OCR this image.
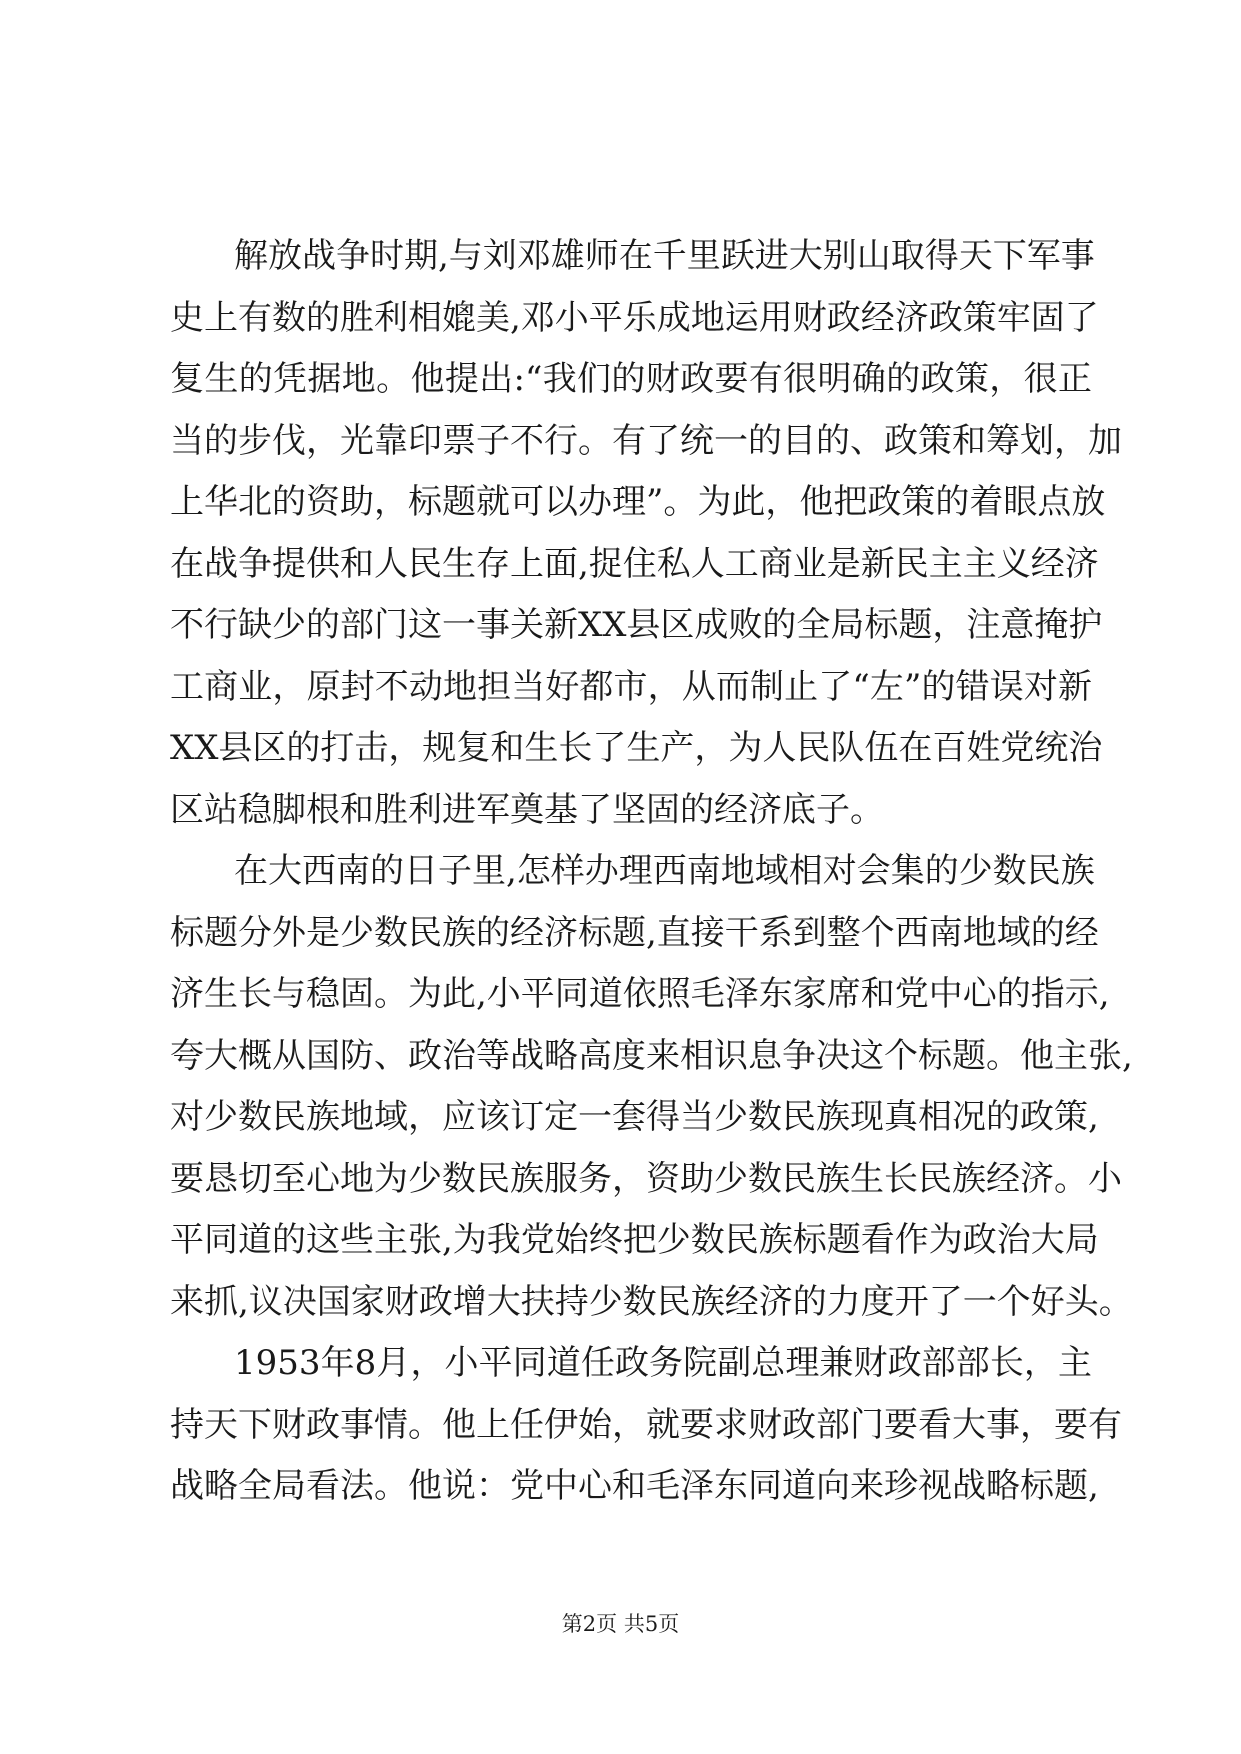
解放战争时期,与刘邓雄师在千里跃进大别山取得天下军事
史上有数的胜利相媲美,邓小平乐成地运用财政经济政策牢固了
复生的凭据地。他提出:“我们的财政要有很明确的政策，很正
当的步伐，光靠印票子不行。有了统一的目的、政策和筹划，加
上华北的资助，标题就可以办理”。为此，他把政策的着眼点放
在战争提供和人民生存上面,捉住私人工商业是新民主主义经济
不行缺少的部门这一事关新XX县区成败的全局标题，注意掩护
工商业，原封不动地担当好都市，从而制止了“左”的错误对新
XX县区的打击，规复和生长了生产，为人民队伍在百姓党统治
区站稳脚根和胜利进军奠基了坚固的经济底子。
在大西南的日子里,怎样办理西南地域相对会集的少数民族
标题分外是少数民族的经济标题,直接干系到整个西南地域的经
济生长与稳固。为此,小平同道依照毛泽东家席和党中心的指示,
夸大概从国防、政治等战略高度来相识息争决这个标题。他主张,
对少数民族地域，应该订定一套得当少数民族现真相况的政策,
要恳切至心地为少数民族服务，资助少数民族生长民族经济。小
平同道的这些主张,为我党始终把少数民族标题看作为政治大局
来抓,议决国家财政增大扶持少数民族经济的力度开了一个好头。
1953年8月，小平同道任政务院副总理兼财政部部长，主
持天下财政事情。他上任伊始，就要求财政部门要看大事，要有
战略全局看法。他说：党中心和毛泽东同道向来珍视战略标题,
第2页 共5页
